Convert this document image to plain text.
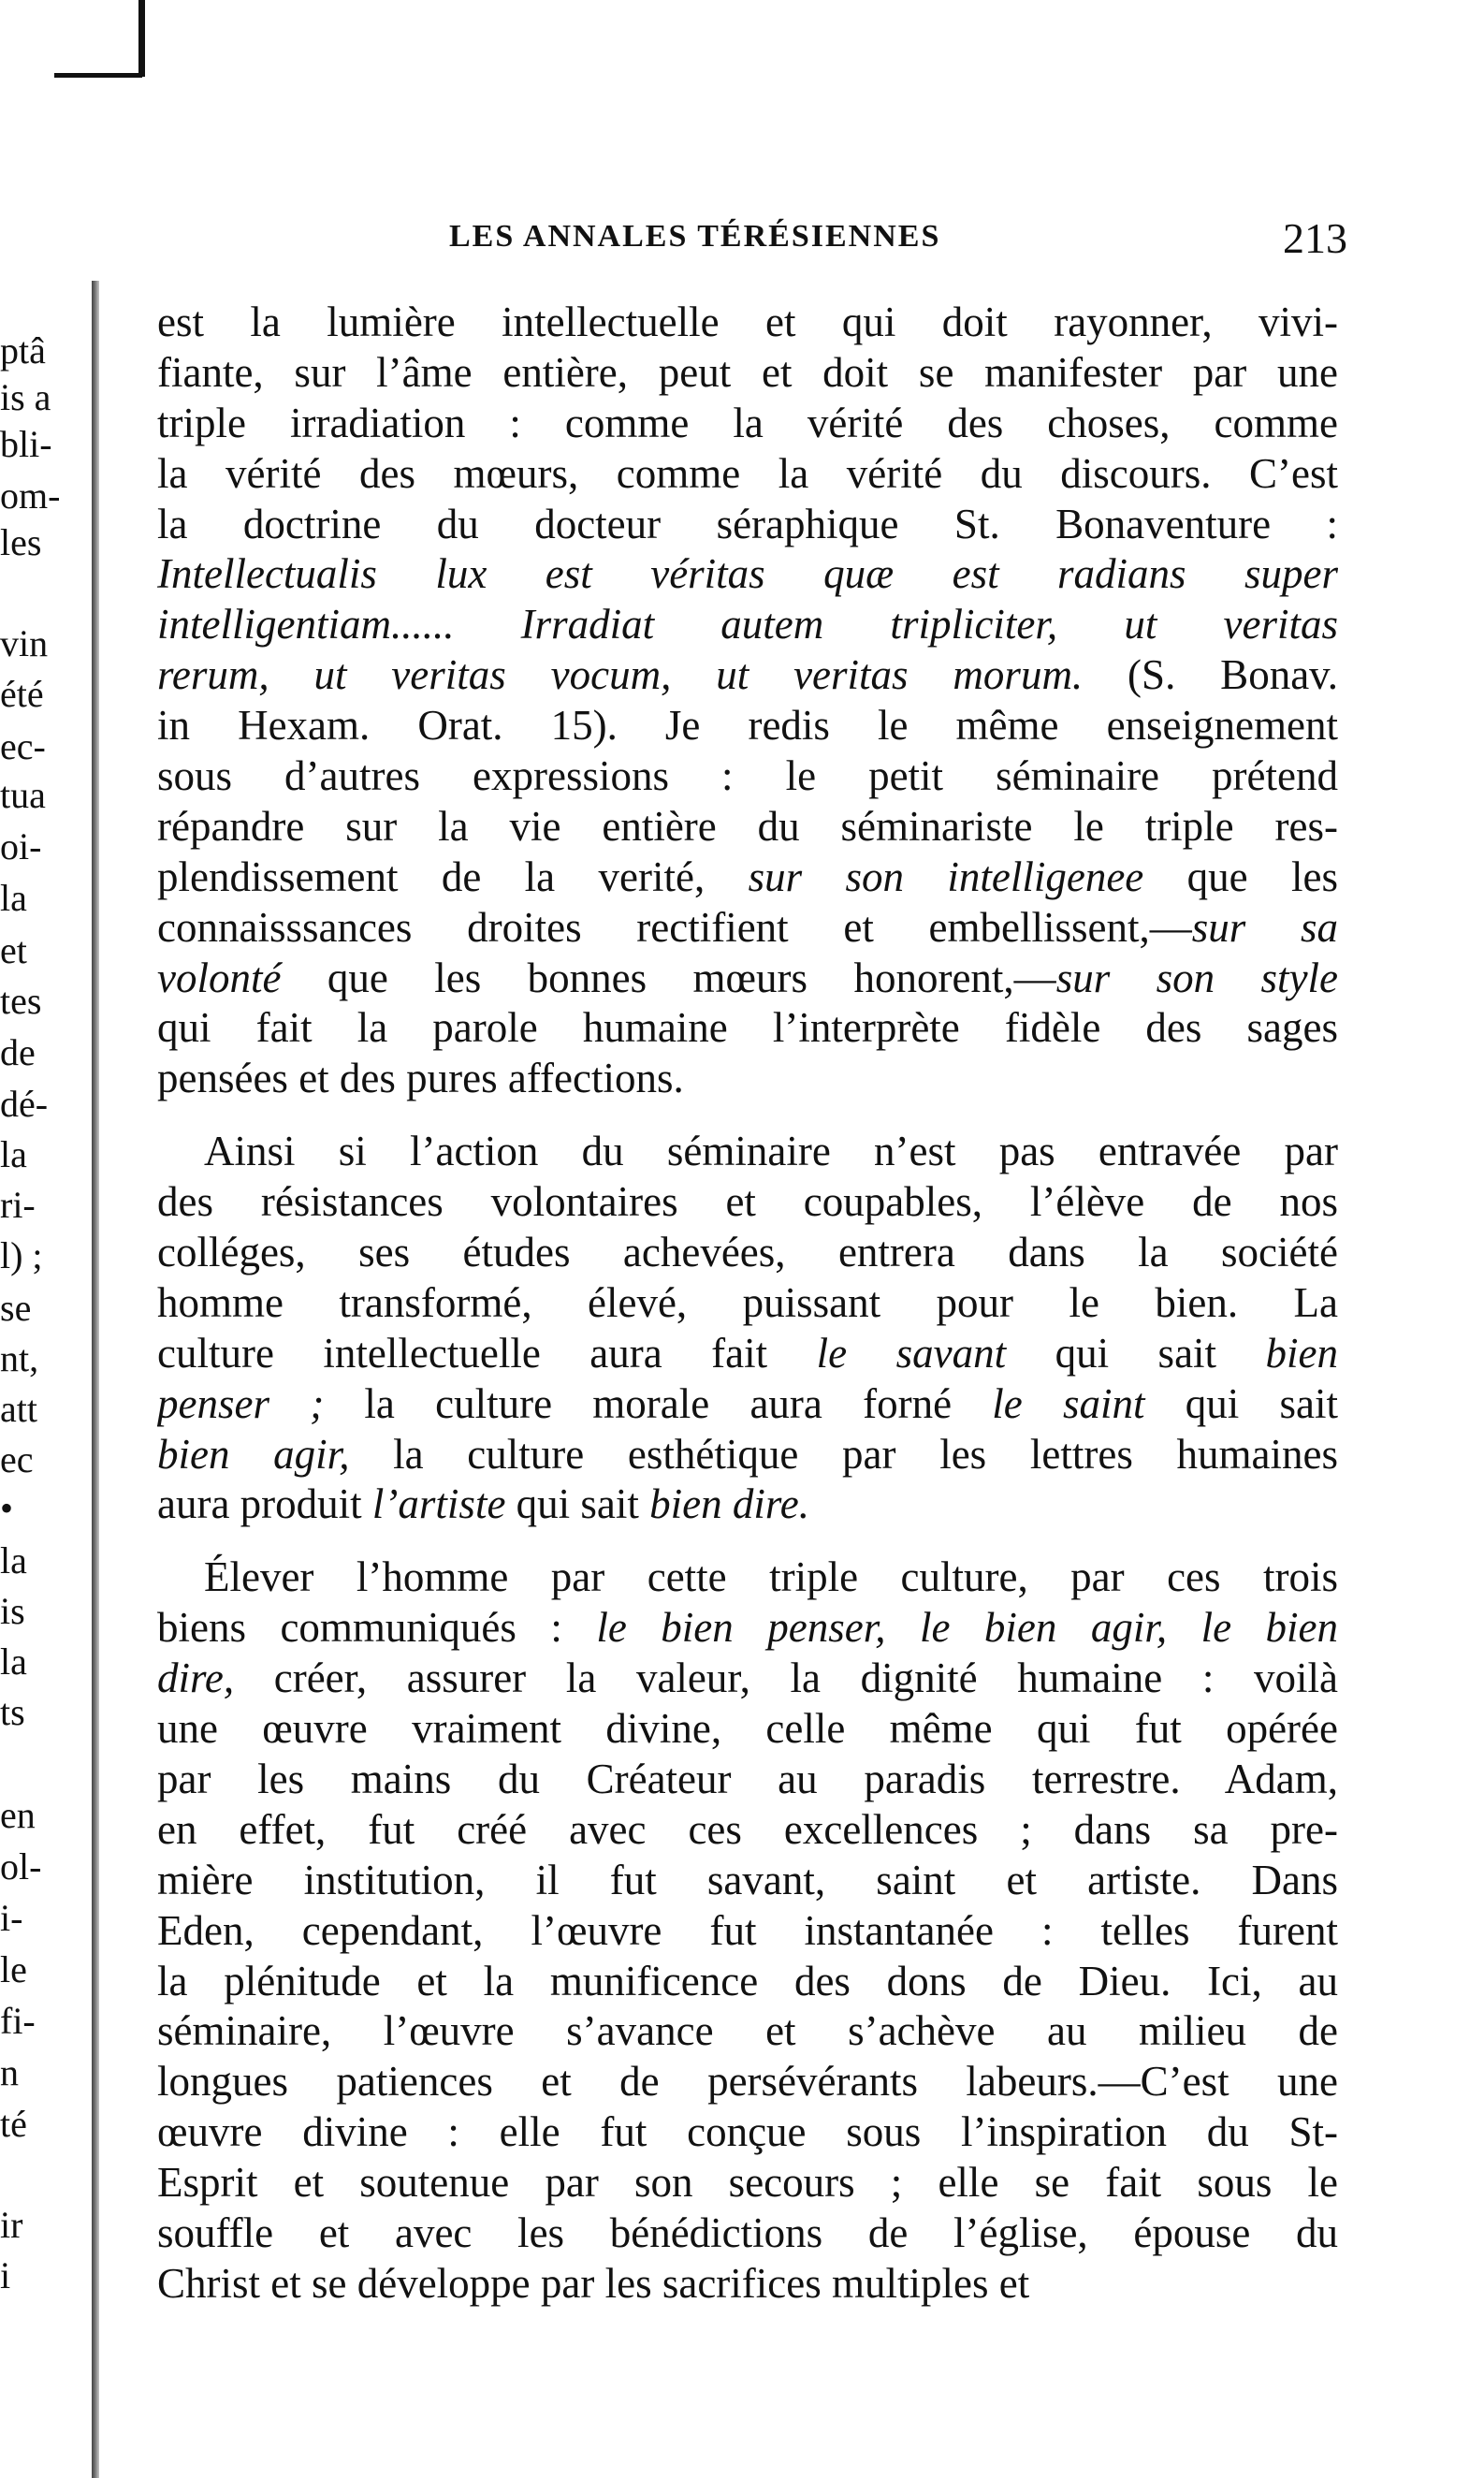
ptâ
is a
bli-
om-
les
vin
été
ec-
tua
oi-
la
et
tes
de
dé-
la
ri-
l) ;
se
nt,
att
ec
•
la
is
la
ts
en
ol-
i-
le
fi-
n
té
ir
i
LES ANNALES TÉRÉSIENNES	213
est la lumière intellectuelle et qui doit rayonner, vivi-
fiante, sur l’âme entière, peut et doit se manifester par une
triple irradiation : comme la vérité des choses, comme
la vérité des mœurs, comme la vérité du discours. C’est
la doctrine du docteur séraphique St. Bonaventure :
Intellectualis lux est véritas quæ est radians super
intelligentiam...... Irradiat autem tripliciter, ut veritas
rerum, ut veritas vocum, ut veritas morum. (S. Bonav.
in Hexam. Orat. 15). Je redis le même enseignement
sous d’autres expressions : le petit séminaire prétend
répandre sur la vie entière du séminariste le triple res-
plendissement de la verité, sur son intelligenee que les
connaisssances droites rectifient et embellissent,—sur sa
volonté que les bonnes mœurs honorent,—sur son style
qui fait la parole humaine l’interprète fidèle des sages
pensées et des pures affections.
Ainsi si l’action du séminaire n’est pas entravée par
des résistances volontaires et coupables, l’élève de nos
colléges, ses études achevées, entrera dans la société
homme transformé, élevé, puissant pour le bien. La
culture intellectuelle aura fait le savant qui sait bien
penser ; la culture morale aura forné le saint qui sait
bien agir, la culture esthétique par les lettres humaines
aura produit l’artiste qui sait bien dire.
Élever l’homme par cette triple culture, par ces trois
biens communiqués : le bien penser, le bien agir, le bien
dire, créer, assurer la valeur, la dignité humaine : voilà
une œuvre vraiment divine, celle même qui fut opérée
par les mains du Créateur au paradis terrestre. Adam,
en effet, fut créé avec ces excellences ; dans sa pre-
mière institution, il fut savant, saint et artiste. Dans
Eden, cependant, l’œuvre fut instantanée : telles furent
la plénitude et la munificence des dons de Dieu. Ici, au
séminaire, l’œuvre s’avance et s’achève au milieu de
longues patiences et de persévérants labeurs.—C’est une
œuvre divine : elle fut conçue sous l’inspiration du St-
Esprit et soutenue par son secours ; elle se fait sous le
souffle et avec les bénédictions de l’église, épouse du
Christ et se développe par les sacrifices multiples et
